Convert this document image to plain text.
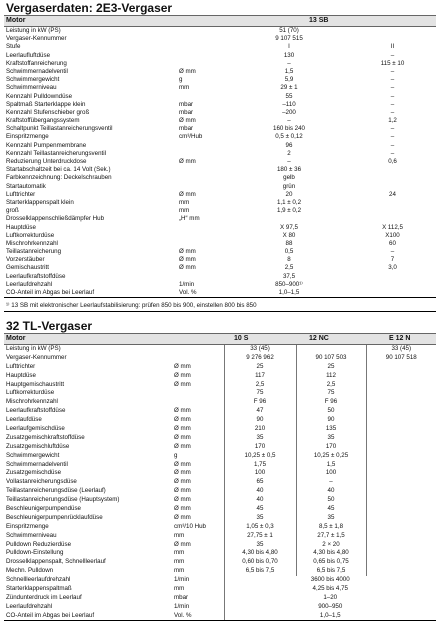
Vergaserdaten: 2E3-Vergaser
Motor	13 SB
Leistung in kW (PS)		51 (70)	
Vergaser-Kennummer		9 107 515	
Stufe		I	II
Leerlaufluftdüse		130	–
Kraftstoffanreicherung		–	115 ± 10
Schwimmernadelventil	Ø mm	1,5	–
Schwimmergewicht	g	5,9	–
Schwimmerniveau	mm	29 ± 1	–
Kennzahl Pulldowndüse		55	–
Spaltmaß Starterklappe klein	mbar	–110	–
Kennzahl Stufenschieber groß	mbar	–200	–
Kraftstoffübergangssystem	Ø mm	–	1,2
Schaltpunkt Teillastanreicherungsventil	mbar	160 bis 240	–
Einspritzmenge	cm³/Hub	0,5 ± 0,12	–
Kennzahl Pumpenmembrane		96	–
Kennzahl Teillastanreicherungsventil		2	–
Reduzierung Unterdruckdose	Ø mm	–	0,6
Startabschaltzeit bei ca. 14 Volt (Sek.)		180 ± 36	
Farbkennzeichnung: Deckelschrauben		gelb	
Startautomatik		grün	
Lufttrichter	Ø mm	20	24
Starterklappenspalt klein	mm	1,1 ± 0,2	
groß	mm	1,9 ± 0,2	
Drosselklappenschließdämpfer Hub	„H“ mm		
Hauptdüse		X 97,5	X 112,5
Luftkorrekturdüse		X 80	X100
Mischrohrkennzahl		88	60
Teillastanreicherung	Ø mm	0,5	–
Vorzerstäuber	Ø mm	8	7
Gemischaustritt	Ø mm	2,5	3,0
Leerlaufkraftstoffdüse		37,5	
Leerlaufdrehzahl	1/min	850–900¹⁾	
CO-Anteil im Abgas bei Leerlauf	Vol. %	1,0–1,5	
¹⁾ 13 SB mit elektronischer Leerlaufstabilisierung: prüfen 850 bis 900, einstellen 800 bis 850
32 TL-Vergaser
Motor	10 S	12 NC	E 12 N
Leistung in kW (PS)		33 (45)		33 (45)
Vergaser-Kennummer		9 276 962	90 107 503	90 107 518
Lufttrichter	Ø mm	25	25	
Hauptdüse	Ø mm	117	112	
Hauptgemischaustritt	Ø mm	2,5	2,5	
Luftkorrekturdüse		75	75	
Mischrohrkennzahl		F 96	F 96	
Leerlaufkraftstoffdüse	Ø mm	47	50	
Leerlaufdüse	Ø mm	90	90	
Leerlaufgemischdüse	Ø mm	210	135	
Zusatzgemischkraftstoffdüse	Ø mm	35	35	
Zusatzgemischluftdüse	Ø mm	170	170	
Schwimmergewicht	g	10,25 ± 0,5	10,25 ± 0,25	
Schwimmernadelventil	Ø mm	1,75	1,5	
Zusatzgemischdüse	Ø mm	100	100	
Vollastanreicherungsdüse	Ø mm	65	–	
Teillastanreicherungsdüse (Leerlauf)	Ø mm	40	40	
Teillastanreicherungsdüse (Hauptsystem)	Ø mm	40	50	
Beschleunigerpumpendüse	Ø mm	45	45	
Beschleunigerpumpenrücklaufdüse	Ø mm	35	35	
Einspritzmenge	cm³/10 Hub	1,05 ± 0,3	8,5 ± 1,8	
Schwimmerniveau	mm	27,75 ± 1	27,7 ± 1,5	
Pulldown Reduzierdüse	Ø mm	35	2 × 20	
Pulldown-Einstellung	mm	4,30 bis 4,80	4,30 bis 4,80	
Drosselklappenspalt, Schnellleerlauf	mm	0,60 bis 0,70	0,65 bis 0,75	
Mechn. Pulldown	mm	6,5 bis 7,5	6,5 bis 7,5	
Schnellleerlaufdrehzahl	1/min	3600 bis 4000		
Starterklappenspaltmaß	mm	4,25 bis 4,75		
Zündunterdruck im Leerlauf	mbar	1–20		
Leerlaufdrehzahl	1/min	900–950		
CO-Anteil im Abgas bei Leerlauf	Vol. %	1,0–1,5		
